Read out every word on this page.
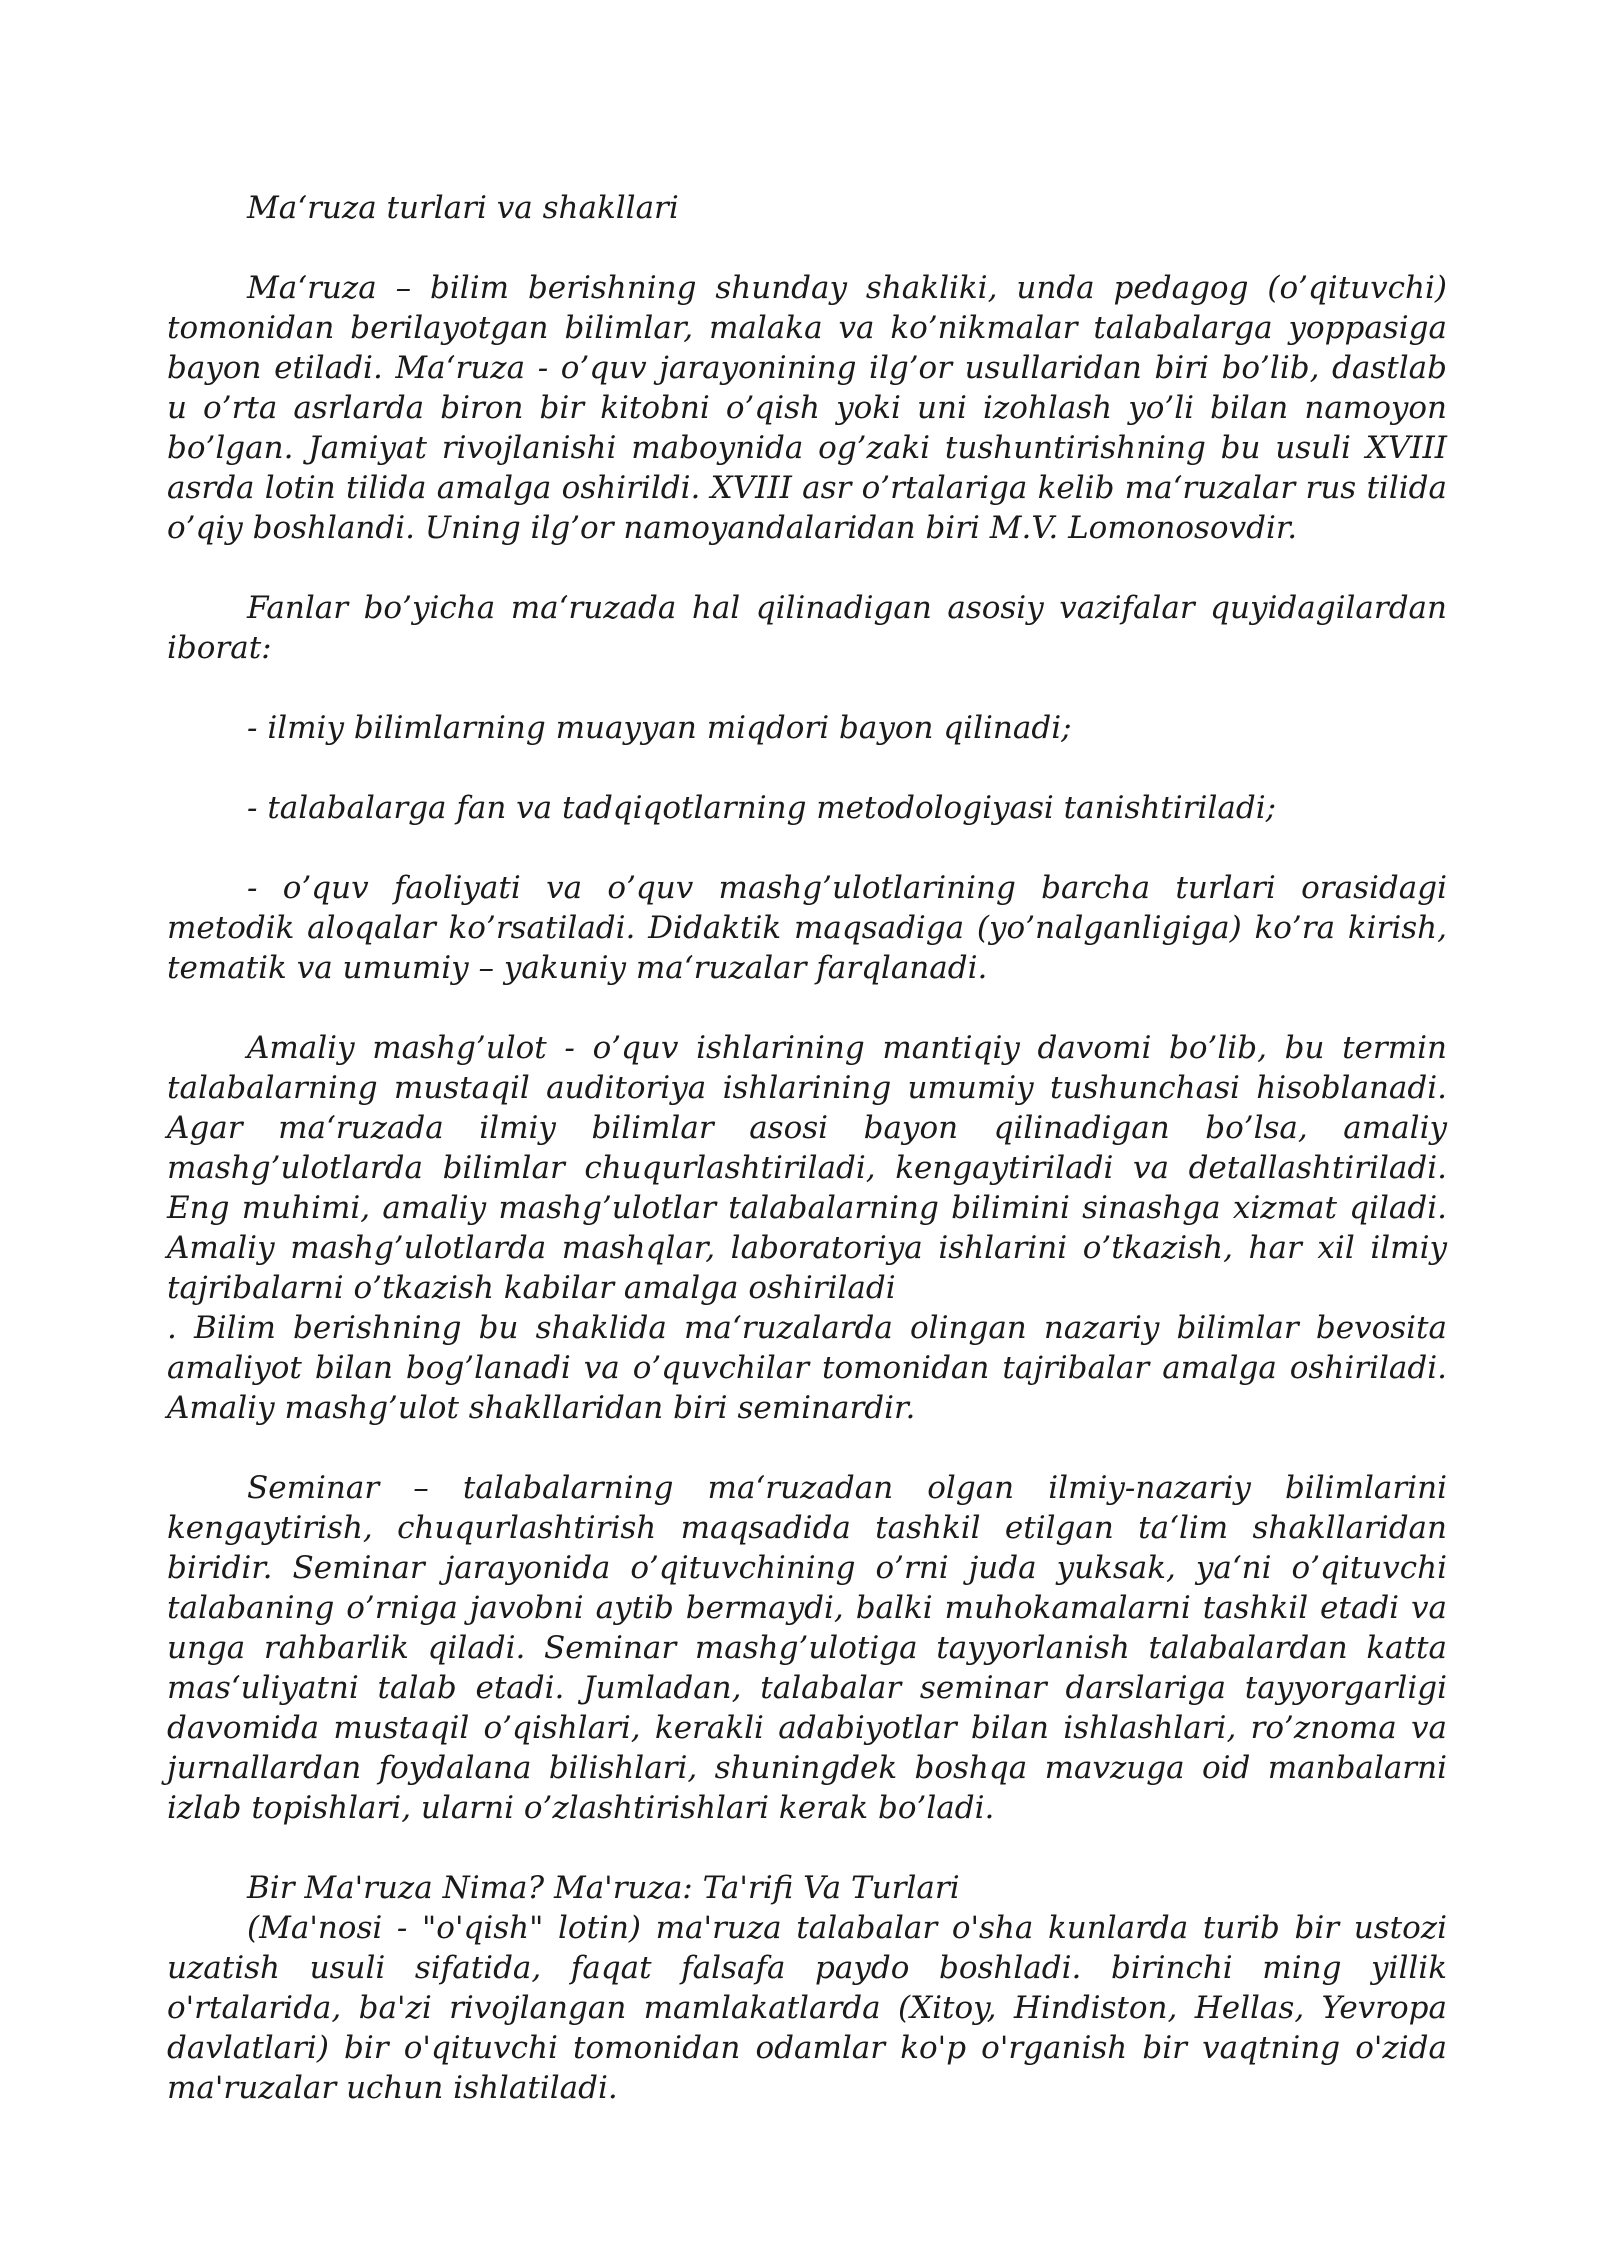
Ma‘ruza turlari va shakllari

Ma‘ruza – bilim berishning shunday shakliki, unda pedagog (o’qituvchi) tomonidan berilayotgan bilimlar, malaka va ko’nikmalar talabalarga yoppasiga bayon etiladi. Ma‘ruza - o’quv jarayonining ilg’or usullaridan biri bo’lib, dastlab u o’rta asrlarda biron bir kitobni o’qish yoki uni izohlash yo’li bilan namoyon bo’lgan. Jamiyat rivojlanishi maboynida og’zaki tushuntirishning bu usuli XVIII asrda lotin tilida amalga oshirildi. XVIII asr o’rtalariga kelib ma‘ruzalar rus tilida o’qiy boshlandi. Uning ilg’or namoyandalaridan biri M.V. Lomonosovdir.

Fanlar bo’yicha ma‘ruzada hal qilinadigan asosiy vazifalar quyidagilardan iborat:

- ilmiy bilimlarning muayyan miqdori bayon qilinadi;

- talabalarga fan va tadqiqotlarning metodologiyasi tanishtiriladi;

- o’quv faoliyati va o’quv mashg’ulotlarining barcha turlari orasidagi metodik aloqalar ko’rsatiladi. Didaktik maqsadiga (yo’nalganligiga) ko’ra kirish, tematik va umumiy – yakuniy ma‘ruzalar farqlanadi.

Amaliy mashg’ulot - o’quv ishlarining mantiqiy davomi bo’lib, bu termin talabalarning mustaqil auditoriya ishlarining umumiy tushunchasi hisoblanadi. Agar ma‘ruzada ilmiy bilimlar asosi bayon qilinadigan bo’lsa, amaliy mashg’ulotlarda bilimlar chuqurlashtiriladi, kengaytiriladi va detallashtiriladi. Eng muhimi, amaliy mashg’ulotlar talabalarning bilimini sinashga xizmat qiladi. Amaliy mashg’ulotlarda mashqlar, laboratoriya ishlarini o’tkazish, har xil ilmiy tajribalarni o’tkazish kabilar amalga oshiriladi

. Bilim berishning bu shaklida ma‘ruzalarda olingan nazariy bilimlar bevosita amaliyot bilan bog’lanadi va o’quvchilar tomonidan tajribalar amalga oshiriladi. Amaliy mashg’ulot shakllaridan biri seminardir.

Seminar – talabalarning ma‘ruzadan olgan ilmiy-nazariy bilimlarini kengaytirish, chuqurlashtirish maqsadida tashkil etilgan ta‘lim shakllaridan biridir. Seminar jarayonida o’qituvchining o’rni juda yuksak, ya‘ni o’qituvchi talabaning o’rniga javobni aytib bermaydi, balki muhokamalarni tashkil etadi va unga rahbarlik qiladi. Seminar mashg’ulotiga tayyorlanish talabalardan katta mas‘uliyatni talab etadi. Jumladan, talabalar seminar darslariga tayyorgarligi davomida mustaqil o’qishlari, kerakli adabiyotlar bilan ishlashlari, ro’znoma va jurnallardan foydalana bilishlari, shuningdek boshqa mavzuga oid manbalarni izlab topishlari, ularni o’zlashtirishlari kerak bo’ladi.

Bir Ma'ruza Nima? Ma'ruza: Ta'rifi Va Turlari

(Ma'nosi - "o'qish" lotin) ma'ruza talabalar o'sha kunlarda turib bir ustozi uzatish usuli sifatida, faqat falsafa paydo boshladi. birinchi ming yillik o'rtalarida, ba'zi rivojlangan mamlakatlarda (Xitoy, Hindiston, Hellas, Yevropa davlatlari) bir o'qituvchi tomonidan odamlar ko'p o'rganish bir vaqtning o'zida ma'ruzalar uchun ishlatiladi.
